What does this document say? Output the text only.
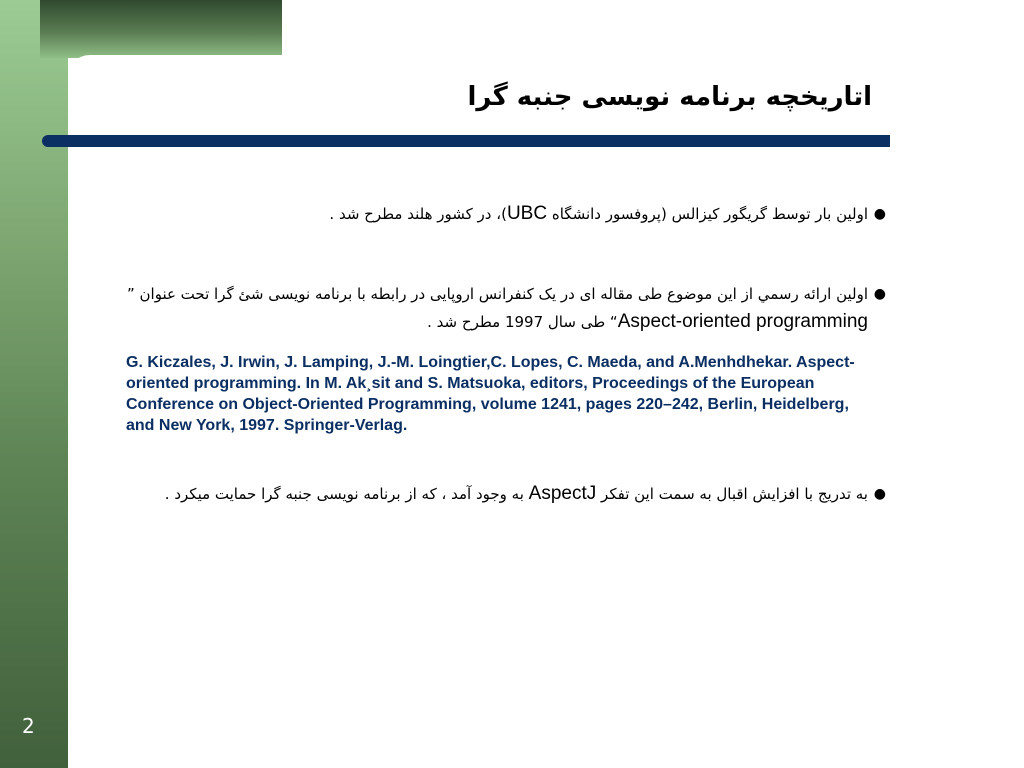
اتاریخچه برنامه نویسی جنبه گرا
●
اولین بار توسط گریگور کیزالس (پروفسور دانشگاه UBC)، در کشور هلند مطرح شد .
●
اولین ارائه رسمي از این موضوع طی مقاله ای در یک کنفرانس اروپایی در رابطه با برنامه نویسی شئ گرا تحت عنوان ”
Aspect-oriented programming“ طی سال 1997 مطرح شد .
G. Kiczales, J. Irwin, J. Lamping, J.-M. Loingtier,C. Lopes, C. Maeda, and A.Menhdhekar. Aspect-oriented programming. In M. Ak¸sit and S. Matsuoka, editors, Proceedings of the European Conference on Object-Oriented Programming, volume 1241, pages 220–242, Berlin, Heidelberg, and New York, 1997. Springer-Verlag.
●
به تدریج با افزایش اقبال به سمت این تفکر AspectJ به وجود آمد ، که از برنامه نویسی جنبه گرا حمایت میکرد .
2
